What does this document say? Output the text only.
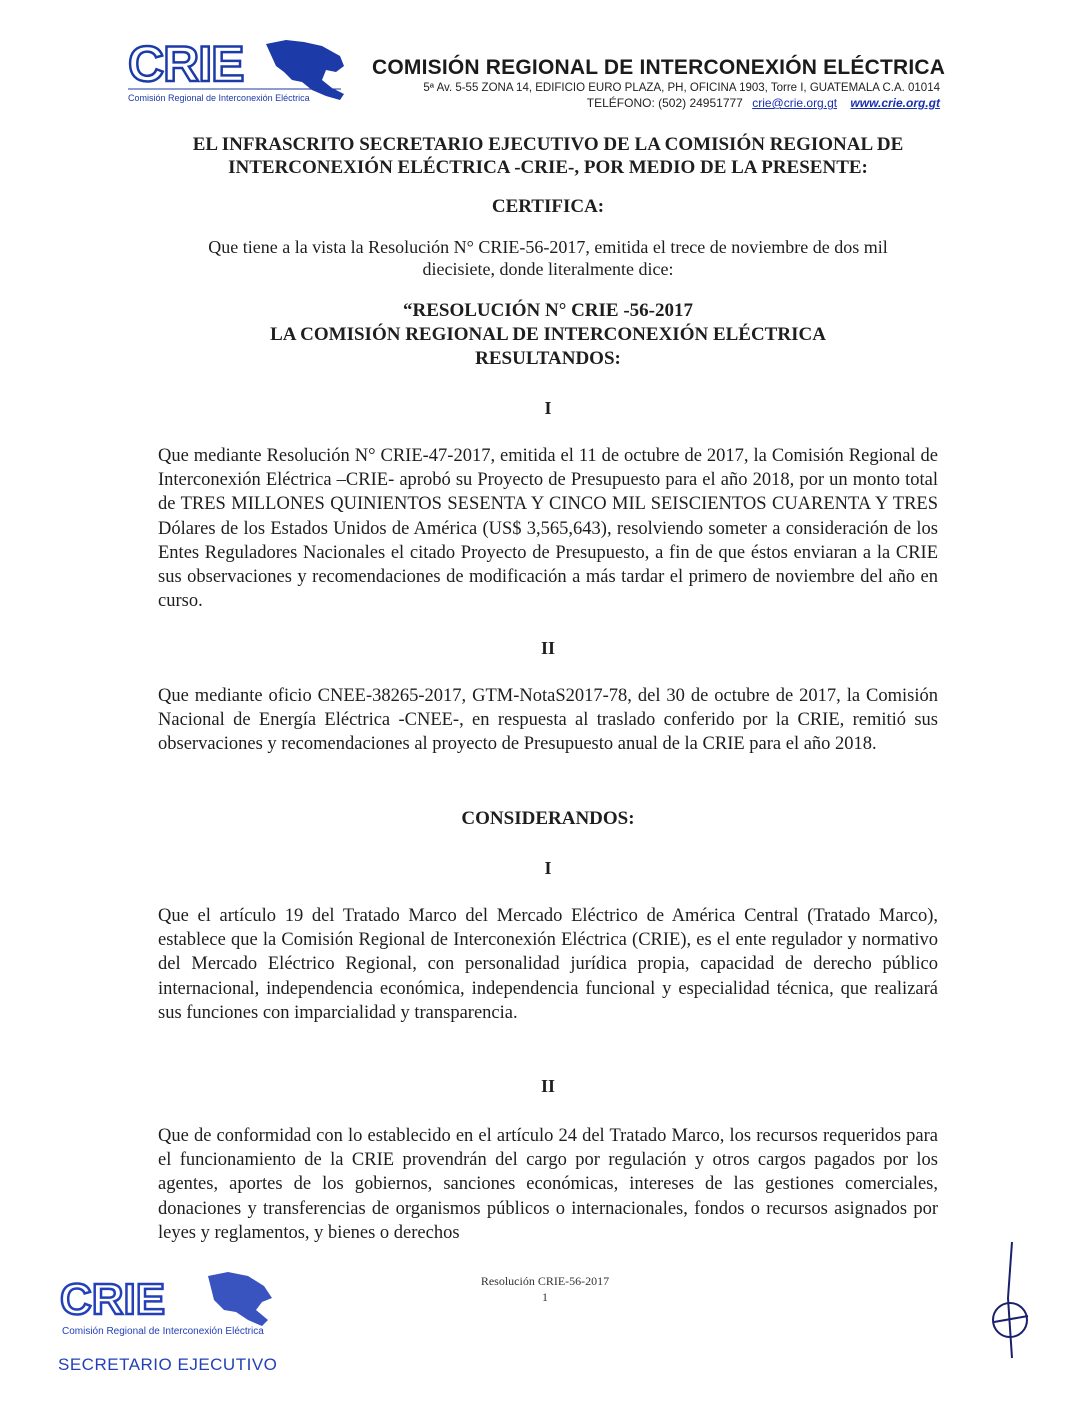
CRIE
Comisión Regional de Interconexión Eléctrica
COMISIÓN REGIONAL DE INTERCONEXIÓN ELÉCTRICA
5ª Av. 5-55 ZONA 14, EDIFICIO EURO PLAZA, PH, OFICINA 1903, Torre I, GUATEMALA C.A. 01014
TELÉFONO: (502) 24951777 crie@crie.org.gt www.crie.org.gt
EL INFRASCRITO SECRETARIO EJECUTIVO DE LA COMISIÓN REGIONAL DE
INTERCONEXIÓN ELÉCTRICA -CRIE-, POR MEDIO DE LA PRESENTE:
CERTIFICA:
Que tiene a la vista la Resolución N° CRIE-56-2017, emitida el trece de noviembre de dos mil
diecisiete, donde literalmente dice:
“RESOLUCIÓN N° CRIE -56-2017
LA COMISIÓN REGIONAL DE INTERCONEXIÓN ELÉCTRICA
RESULTANDOS:
I
Que mediante Resolución N° CRIE-47-2017, emitida el 11 de octubre de 2017, la Comisión Regional de Interconexión Eléctrica –CRIE- aprobó su Proyecto de Presupuesto para el año 2018, por un monto total de TRES MILLONES QUINIENTOS SESENTA Y CINCO MIL SEISCIENTOS CUARENTA Y TRES Dólares de los Estados Unidos de América (US$ 3,565,643), resolviendo someter a consideración de los Entes Reguladores Nacionales el citado Proyecto de Presupuesto, a fin de que éstos enviaran a la CRIE sus observaciones y recomendaciones de modificación a más tardar el primero de noviembre del año en curso.
II
Que mediante oficio CNEE-38265-2017, GTM-NotaS2017-78, del 30 de octubre de 2017, la Comisión Nacional de Energía Eléctrica -CNEE-, en respuesta al traslado conferido por la CRIE, remitió sus observaciones y recomendaciones al proyecto de Presupuesto anual de la CRIE para el año 2018.
CONSIDERANDOS:
I
Que el artículo 19 del Tratado Marco del Mercado Eléctrico de América Central (Tratado Marco), establece que la Comisión Regional de Interconexión Eléctrica (CRIE), es el ente regulador y normativo del Mercado Eléctrico Regional, con personalidad jurídica propia, capacidad de derecho público internacional, independencia económica, independencia funcional y especialidad técnica, que realizará sus funciones con imparcialidad y transparencia.
II
Que de conformidad con lo establecido en el artículo 24 del Tratado Marco, los recursos requeridos para el funcionamiento de la CRIE provendrán del cargo por regulación y otros cargos pagados por los agentes, aportes de los gobiernos, sanciones económicas, intereses de las gestiones comerciales, donaciones y transferencias de organismos públicos o internacionales, fondos o recursos asignados por leyes y reglamentos, y bienes o derechos
Resolución CRIE-56-2017
1
CRIE
Comisión Regional de Interconexión Eléctrica
SECRETARIO EJECUTIVO
